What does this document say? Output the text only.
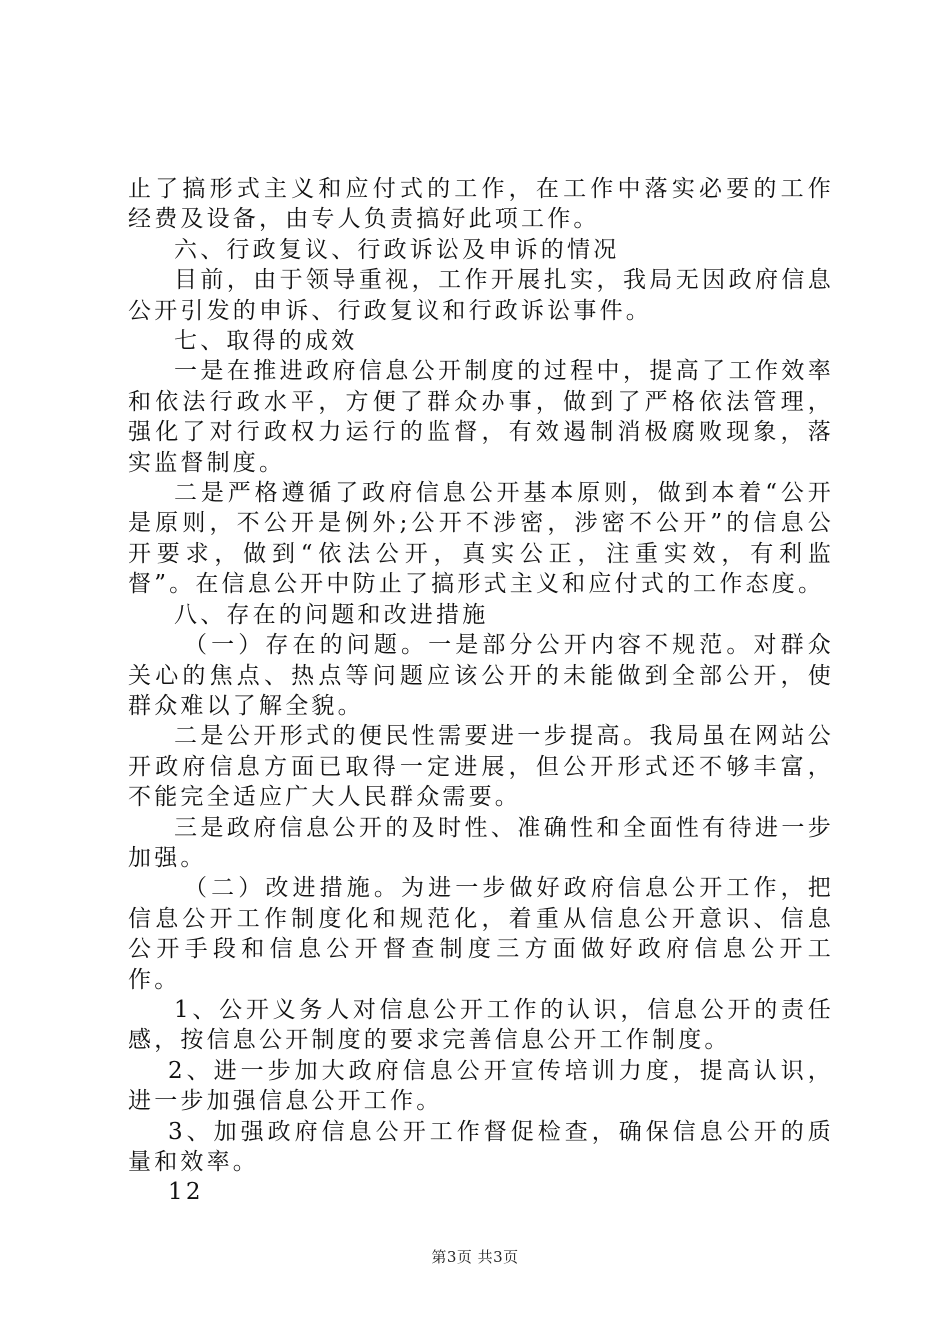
止了搞形式主义和应付式的工作，在工作中落实必要的工作经费及设备，由专人负责搞好此项工作。

六、行政复议、行政诉讼及申诉的情况

目前，由于领导重视，工作开展扎实，我局无因政府信息公开引发的申诉、行政复议和行政诉讼事件。

七、取得的成效

一是在推进政府信息公开制度的过程中，提高了工作效率和依法行政水平，方便了群众办事，做到了严格依法管理，强化了对行政权力运行的监督，有效遏制消极腐败现象，落实监督制度。

二是严格遵循了政府信息公开基本原则，做到本着“公开是原则，不公开是例外;公开不涉密，涉密不公开”的信息公开要求，做到“依法公开，真实公正，注重实效，有利监督”。在信息公开中防止了搞形式主义和应付式的工作态度。

八、存在的问题和改进措施

（一）存在的问题。一是部分公开内容不规范。对群众关心的焦点、热点等问题应该公开的未能做到全部公开，使群众难以了解全貌。

二是公开形式的便民性需要进一步提高。我局虽在网站公开政府信息方面已取得一定进展，但公开形式还不够丰富，不能完全适应广大人民群众需要。

三是政府信息公开的及时性、准确性和全面性有待进一步加强。

（二）改进措施。为进一步做好政府信息公开工作，把信息公开工作制度化和规范化，着重从信息公开意识、信息公开手段和信息公开督查制度三方面做好政府信息公开工作。

1、公开义务人对信息公开工作的认识，信息公开的责任感，按信息公开制度的要求完善信息公开工作制度。

2、进一步加大政府信息公开宣传培训力度，提高认识，进一步加强信息公开工作。

3、加强政府信息公开工作督促检查，确保信息公开的质量和效率。

12

第3页 共3页
